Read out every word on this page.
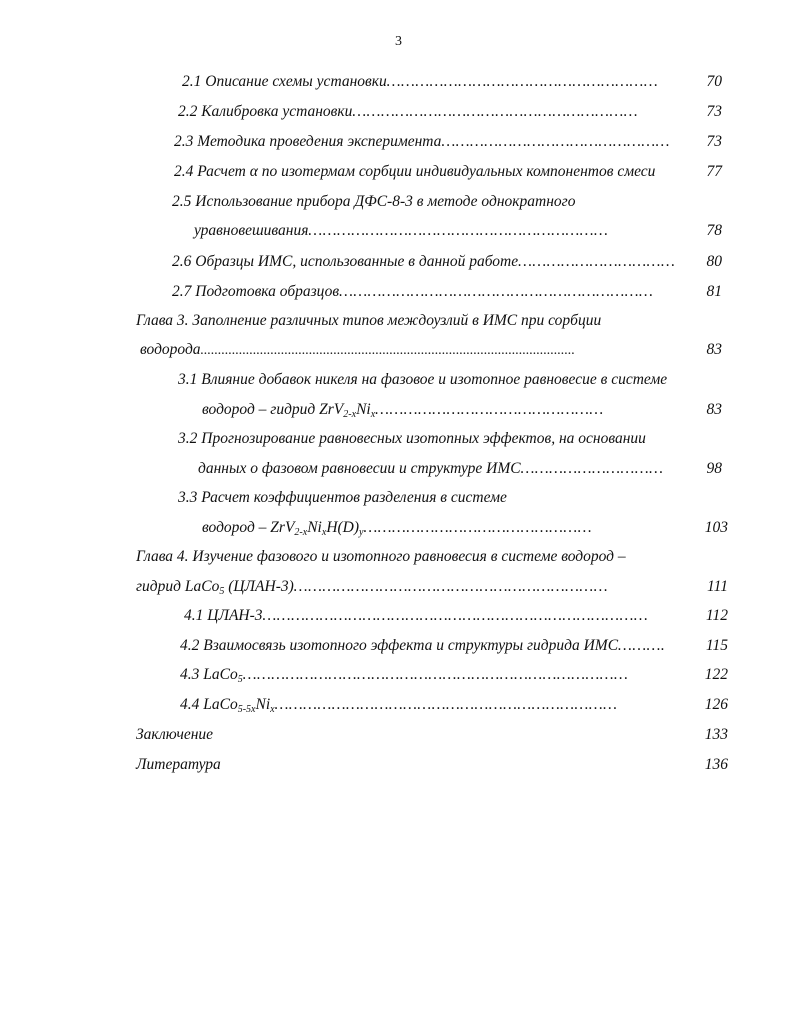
3
2.1 Описание схемы установки…………………………………………………	70
2.2 Калибровка установки……………………………………………………	73
2.3 Методика проведения эксперимента…………………………………………	73
2.4 Расчет α по изотермам сорбции индивидуальных компонентов смеси	77
2.5 Использование прибора ДФС-8-3 в методе однократного
уравновешивания………………………………………………………	78
2.6 Образцы ИМС, использованные в данной работе……………………………	80
2.7 Подготовка образцов…………………………………………………………	81
Глава 3. Заполнение различных типов междоузлий в ИМС при сорбции
водорода...........................................................................................................	83
3.1 Влияние добавок никеля на фазовое и изотопное равновесие в системе
водород – гидрид $ZrV_{2-x}Ni_x\dots\dots\dots\dots\dots\dots\dots\dots\dots\dots\dots\dots\dots\dots\dots\dots$	83
3.2 Прогнозирование равновесных изотопных эффектов, на основании
данных о фазовом равновесии и структуре ИМС…………………………	98
3.3 Расчет коэффициентов разделения в системе
водород – $ZrV_{2-x}Ni_xH(D)_y\dots\dots\dots\dots\dots\dots\dots\dots\dots\dots\dots\dots\dots\dots\dots\dots$	103
Глава 4. Изучение фазового и изотопного равновесия в системе водород –
гидрид LaCo$_5$ (ЦЛАН-3)…………………………………………………………	111
4.1 ЦЛАН-3………………………………………………………………………	112
4.2 Взаимосвязь изотопного эффекта и структуры гидрида ИМС……….	115
4.3 LaCo$_5$………………………………………………………………………	122
4.4 $LaCo_{5-5x}Ni_x\dots\dots\dots\dots\dots\dots\dots\dots\dots\dots\dots\dots\dots\dots\dots\dots\dots\dots\dots\dots\dots\dots\dots\dots$	126
Заключение	133
Литература	136
